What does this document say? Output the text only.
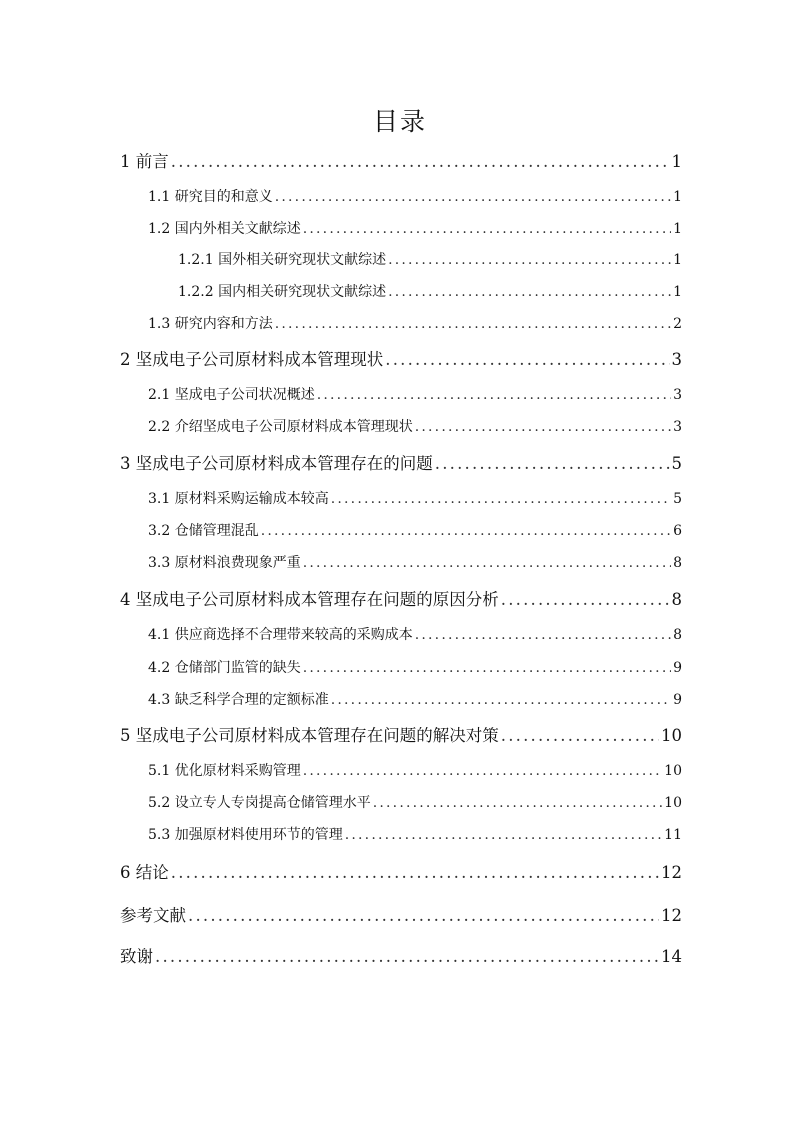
目录
1 前言 .....	1
1.1 研究目的和意义 .....	1
1.2 国内外相关文献综述 .....	1
1.2.1 国外相关研究现状文献综述 .....	1
1.2.2 国内相关研究现状文献综述 .....	1
1.3 研究内容和方法 .....	2
2 坚成电子公司原材料成本管理现状 .....	3
2.1 坚成电子公司状况概述 .....	3
2.2 介绍坚成电子公司原材料成本管理现状 .....	3
3 坚成电子公司原材料成本管理存在的问题 .....	5
3.1 原材料采购运输成本较高 .....	5
3.2 仓储管理混乱 .....	6
3.3 原材料浪费现象严重 .....	8
4 坚成电子公司原材料成本管理存在问题的原因分析 .....	8
4.1 供应商选择不合理带来较高的采购成本 .....	8
4.2 仓储部门监管的缺失 .....	9
4.3 缺乏科学合理的定额标准 .....	9
5 坚成电子公司原材料成本管理存在问题的解决对策 .....	10
5.1 优化原材料采购管理 .....	10
5.2 设立专人专岗提高仓储管理水平 .....	10
5.3 加强原材料使用环节的管理 .....	11
6 结论 .....	12
参考文献 .....	12
致谢 .....	14
